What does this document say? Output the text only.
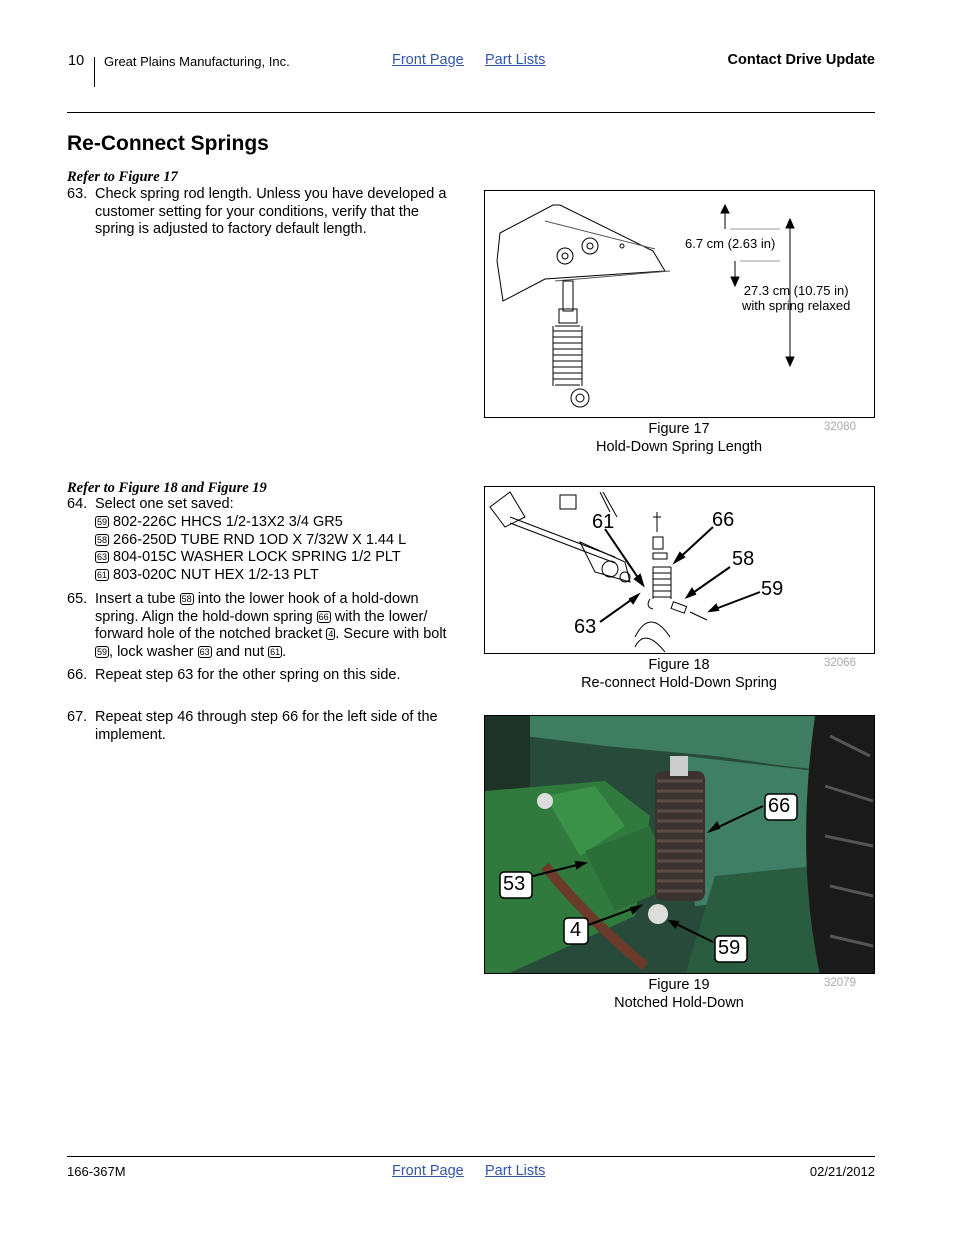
10 Great Plains Manufacturing, Inc.	Front Page Part Lists	Contact Drive Update
Re-Connect Springs
Refer to Figure 17
63. Check spring rod length. Unless you have developed a customer setting for your conditions, verify that the spring is adjusted to factory default length.
Refer to Figure 18 and Figure 19
64. Select one set saved:
59 802-226C HHCS 1/2-13X2 3/4 GR5
58 266-250D TUBE RND 1OD X 7/32W X 1.44 L
63 804-015C WASHER LOCK SPRING 1/2 PLT
61 803-020C NUT HEX 1/2-13 PLT
65. Insert a tube 58 into the lower hook of a hold-down spring. Align the hold-down spring 66 with the lower/ forward hole of the notched bracket 4 . Secure with bolt 59 , lock washer 63 and nut 61 .
66. Repeat step 63 for the other spring on this side.
67. Repeat step 46 through step 66 for the left side of the implement.
6.7 cm (2.63 in)
27.3 cm (10.75 in)
with spring relaxed
Figure 17
Hold-Down Spring Length
32080
61	66
58
59
63
Figure 18
Re-connect Hold-Down Spring
32066
66
53
4
59
Figure 19
Notched Hold-Down
32079
166-367M	Front Page Part Lists	02/21/2012
